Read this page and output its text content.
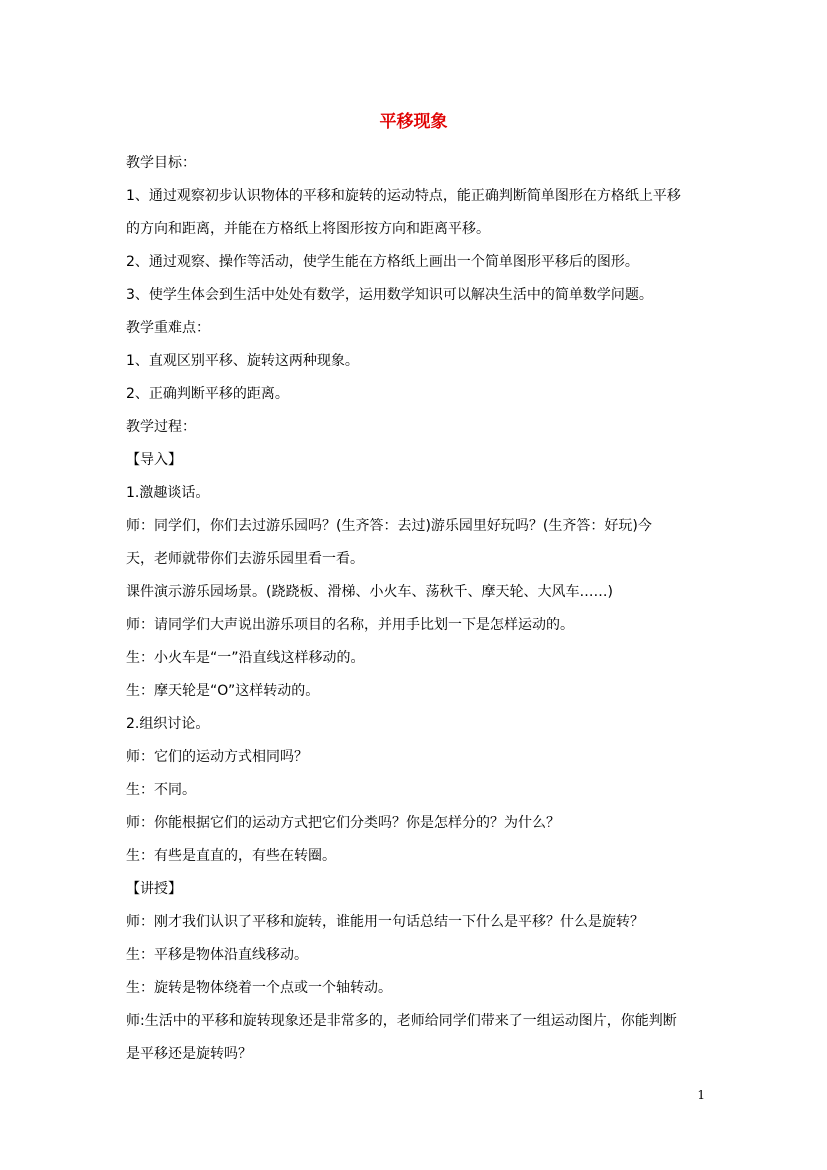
平移现象
教学目标：
1、通过观察初步认识物体的平移和旋转的运动特点，能正确判断简单图形在方格纸上平移
的方向和距离，并能在方格纸上将图形按方向和距离平移。
2、通过观察、操作等活动，使学生能在方格纸上画出一个简单图形平移后的图形。
3、使学生体会到生活中处处有数学，运用数学知识可以解决生活中的简单数学问题。
教学重难点：
1、直观区别平移、旋转这两种现象。
2、正确判断平移的距离。
教学过程：
【导入】
1.激趣谈话。
师：同学们，你们去过游乐园吗？(生齐答：去过)游乐园里好玩吗？(生齐答：好玩)今
天，老师就带你们去游乐园里看一看。
课件演示游乐园场景。(跷跷板、滑梯、小火车、荡秋千、摩天轮、大风车……)
师：请同学们大声说出游乐项目的名称，并用手比划一下是怎样运动的。
生：小火车是“一”沿直线这样移动的。
生：摩天轮是“O”这样转动的。
2.组织讨论。
师：它们的运动方式相同吗？
生：不同。
师：你能根据它们的运动方式把它们分类吗？你是怎样分的？为什么？
生：有些是直直的，有些在转圈。
【讲授】
师：刚才我们认识了平移和旋转，谁能用一句话总结一下什么是平移？什么是旋转？
生：平移是物体沿直线移动。
生：旋转是物体绕着一个点或一个轴转动。
师:生活中的平移和旋转现象还是非常多的，老师给同学们带来了一组运动图片，你能判断
是平移还是旋转吗？
1
